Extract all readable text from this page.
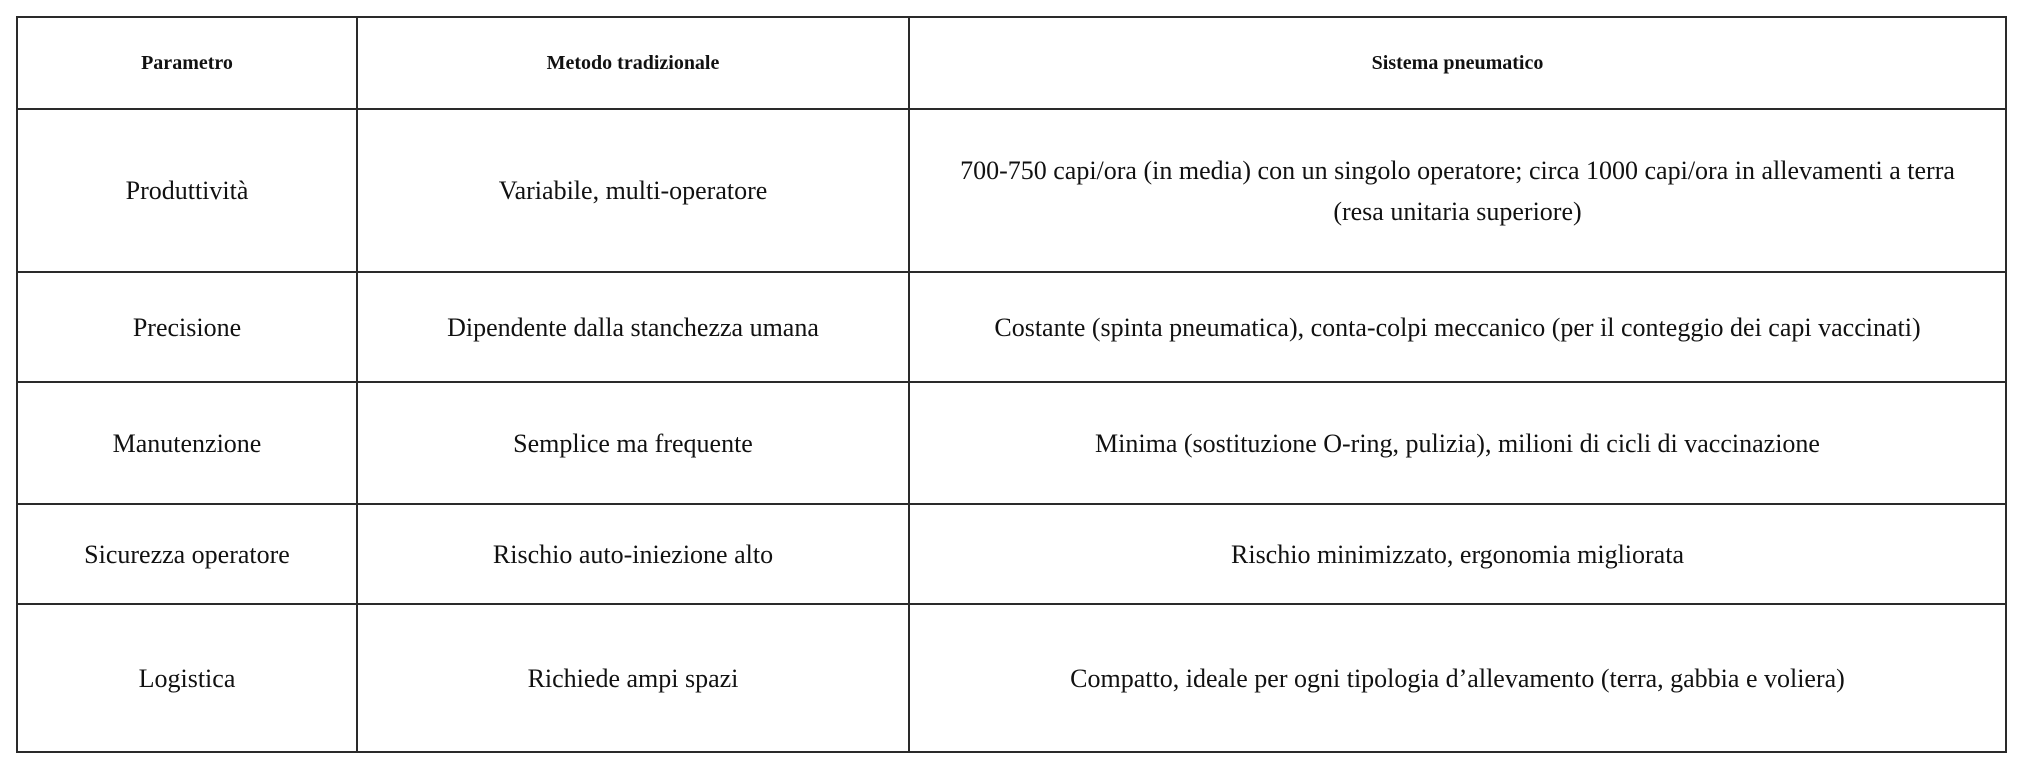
Parametro	Metodo tradizionale	Sistema pneumatico
Produttività	Variabile, multi-operatore	700-750 capi/ora (in media) con un singolo operatore; circa 1000 capi/ora in allevamenti a terra (resa unitaria superiore)
Precisione	Dipendente dalla stanchezza umana	Costante (spinta pneumatica), conta-colpi meccanico (per il conteggio dei capi vaccinati)
Manutenzione	Semplice ma frequente	Minima (sostituzione O-ring, pulizia), milioni di cicli di vaccinazione
Sicurezza operatore	Rischio auto-iniezione alto	Rischio minimizzato, ergonomia migliorata
Logistica	Richiede ampi spazi	Compatto, ideale per ogni tipologia d’allevamento (terra, gabbia e voliera)
